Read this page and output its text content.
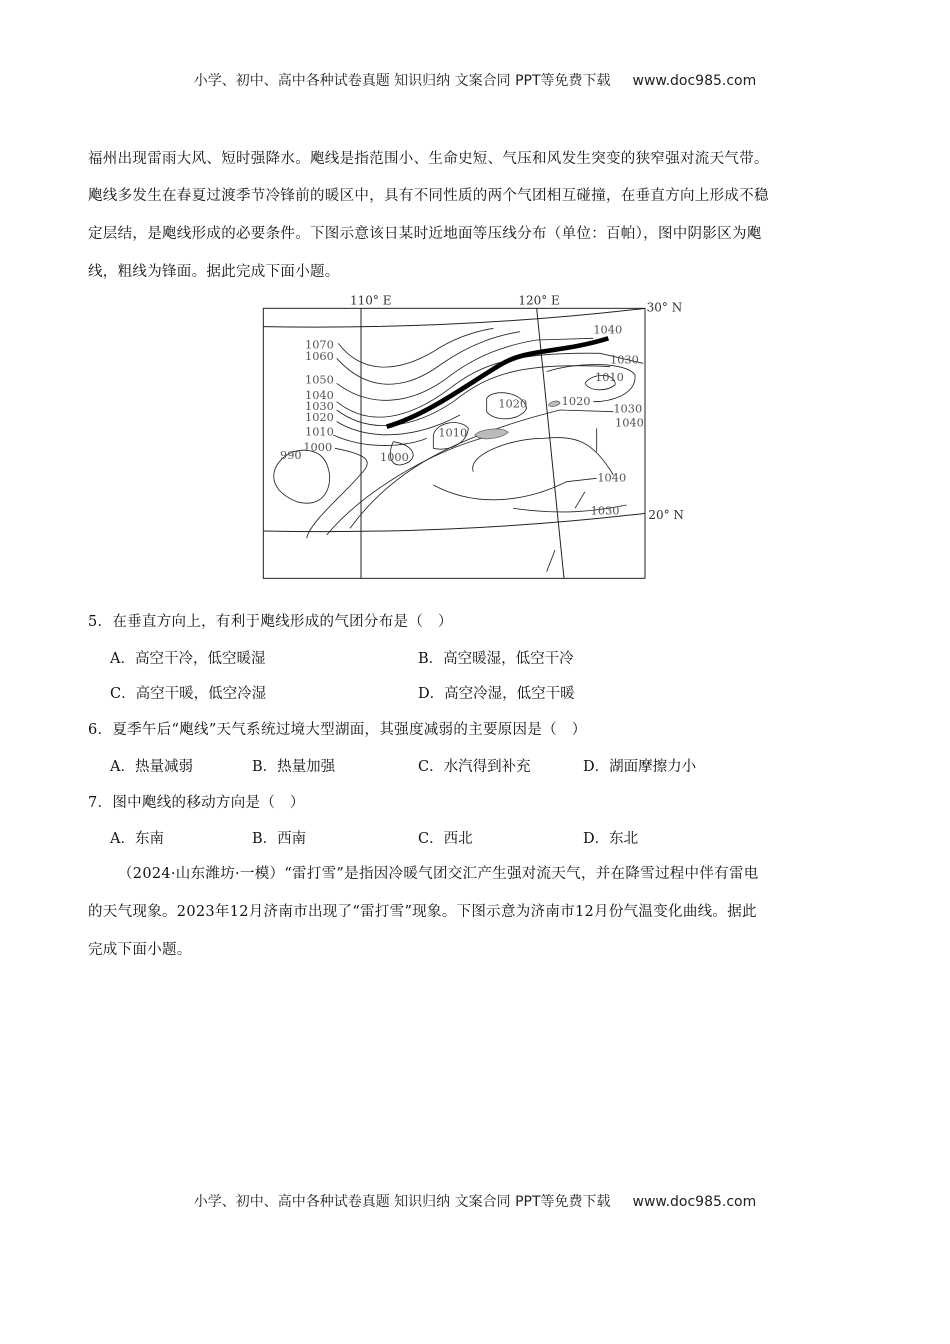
小学、初中、高中各种试卷真题 知识归纳 文案合同 PPT等免费下载 www.doc985.com
福州出现雷雨大风、短时强降水。飑线是指范围小、生命史短、气压和风发生突变的狭窄强对流天气带。
飑线多发生在春夏过渡季节冷锋前的暖区中，具有不同性质的两个气团相互碰撞，在垂直方向上形成不稳
定层结，是飑线形成的必要条件。下图示意该日某时近地面等压线分布（单位：百帕），图中阴影区为飑
线，粗线为锋面。据此完成下面小题。
110° E	120° E
30° N
20° N
1070
1060
1050
1040
1030
1020
1010
1000
990 1000
1010
1020 1020
1040
1030
1010
1030
1040
1040
1030
5．在垂直方向上，有利于飑线形成的气团分布是（　）
A．高空干冷，低空暖湿	B．高空暖湿，低空干冷
C．高空干暖，低空冷湿	D．高空冷湿，低空干暖
6．夏季午后“飑线”天气系统过境大型湖面，其强度减弱的主要原因是（　）
A．热量减弱	B．热量加强	C．水汽得到补充	D．湖面摩擦力小
7．图中飑线的移动方向是（　）
A．东南	B．西南	C．西北	D．东北
（2024·山东潍坊·一模）“雷打雪”是指因冷暖气团交汇产生强对流天气，并在降雪过程中伴有雷电
的天气现象。2023年12月济南市出现了“雷打雪”现象。下图示意为济南市12月份气温变化曲线。据此
完成下面小题。
小学、初中、高中各种试卷真题 知识归纳 文案合同 PPT等免费下载 www.doc985.com
